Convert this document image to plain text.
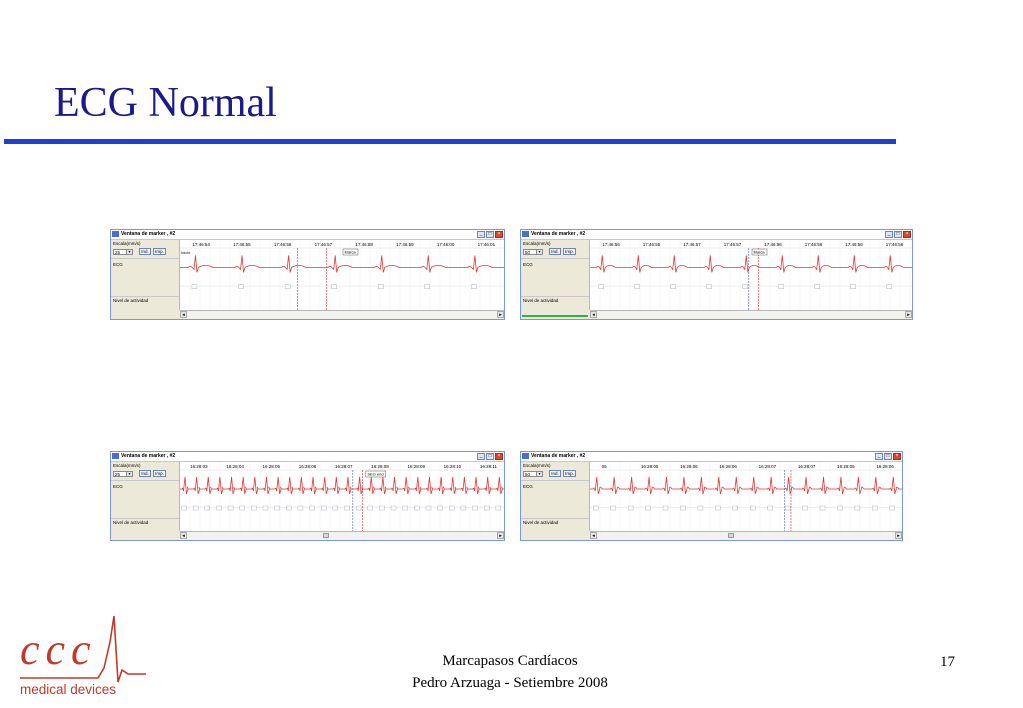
ECG Normal
Ventana de marker , #2	_	□	×
Escala(mm/s)
25	▾	Ind.	Imp.
ECG
Nivel de actividad
17:46:54	17:46:55	17:46:56	17:46:57	17:46:58	17:46:59	17:46:00	17:46:01
Inicio	Marca
◂	▸
Ventana de marker , #2	_	□	×
Escala(mm/s)
50	▾	Ind.	Imp.
ECG
Nivel de actividad
17:46:56	17:46:55	17:46:57	17:46:57	17:46:56	17:46:56	17:46:56	17:46:56
Marca
◂	▸
Ventana de marker , #2	_	□	×
Escala(mm/s)
25	▾	Ind.	Imp.
ECG
Nivel de actividad
16:28:03	16:28:04	16:28:05	16:28:06	16:28:07	16:28:08	16:28:09	16:28:10	16:28:11
SEG end
◂	▸
Ventana de marker , #2	_	□	×
Escala(mm/s)
50	▾	Ind.	Imp.
ECG
Nivel de actividad
05	16:28:05	16:28:06	16:28:06	16:28:07	16:28:07	16:28:06	16:28:06
◂	▸
ccc
medical devices
Marcapasos Cardíacos
Pedro Arzuaga - Setiembre 2008
17
